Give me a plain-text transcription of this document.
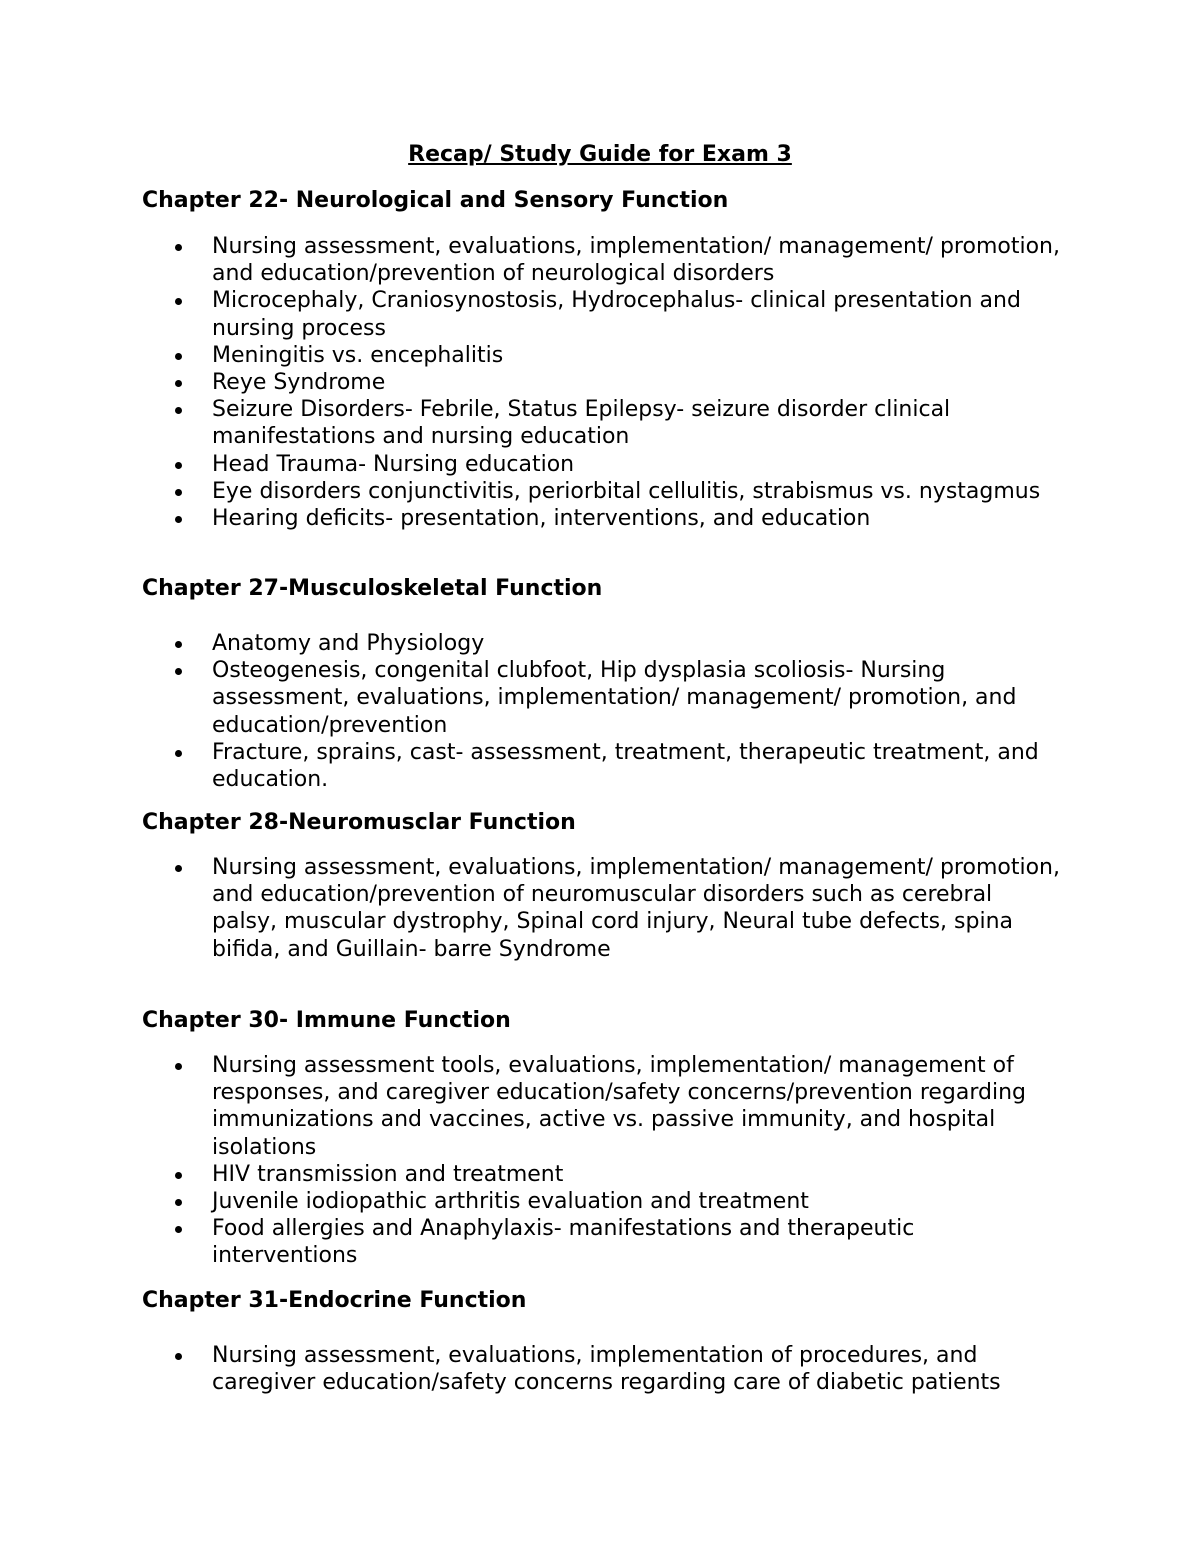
Recap/ Study Guide for Exam 3
Chapter 22- Neurological and Sensory Function
Nursing assessment, evaluations, implementation/ management/ promotion, and education/prevention of neurological disorders
Microcephaly, Craniosynostosis, Hydrocephalus- clinical presentation and nursing process
Meningitis vs. encephalitis
Reye Syndrome
Seizure Disorders- Febrile, Status Epilepsy- seizure disorder clinical manifestations and nursing education
Head Trauma- Nursing education
Eye disorders conjunctivitis, periorbital cellulitis, strabismus vs. nystagmus
Hearing deficits- presentation, interventions, and education
Chapter 27-Musculoskeletal Function
Anatomy and Physiology
Osteogenesis, congenital clubfoot, Hip dysplasia scoliosis- Nursing assessment, evaluations, implementation/ management/ promotion, and education/prevention
Fracture, sprains, cast- assessment, treatment, therapeutic treatment, and education.
Chapter 28-Neuromusclar Function
Nursing assessment, evaluations, implementation/ management/ promotion, and education/prevention of neuromuscular disorders such as cerebral palsy, muscular dystrophy, Spinal cord injury, Neural tube defects, spina bifida, and Guillain- barre Syndrome
Chapter 30- Immune Function
Nursing assessment tools, evaluations, implementation/ management of responses, and caregiver education/safety concerns/prevention regarding immunizations and vaccines, active vs. passive immunity, and hospital isolations
HIV transmission and treatment
Juvenile iodiopathic arthritis evaluation and treatment
Food allergies and Anaphylaxis- manifestations and therapeutic interventions
Chapter 31-Endocrine Function
Nursing assessment, evaluations, implementation of procedures, and caregiver education/safety concerns regarding care of diabetic patients
